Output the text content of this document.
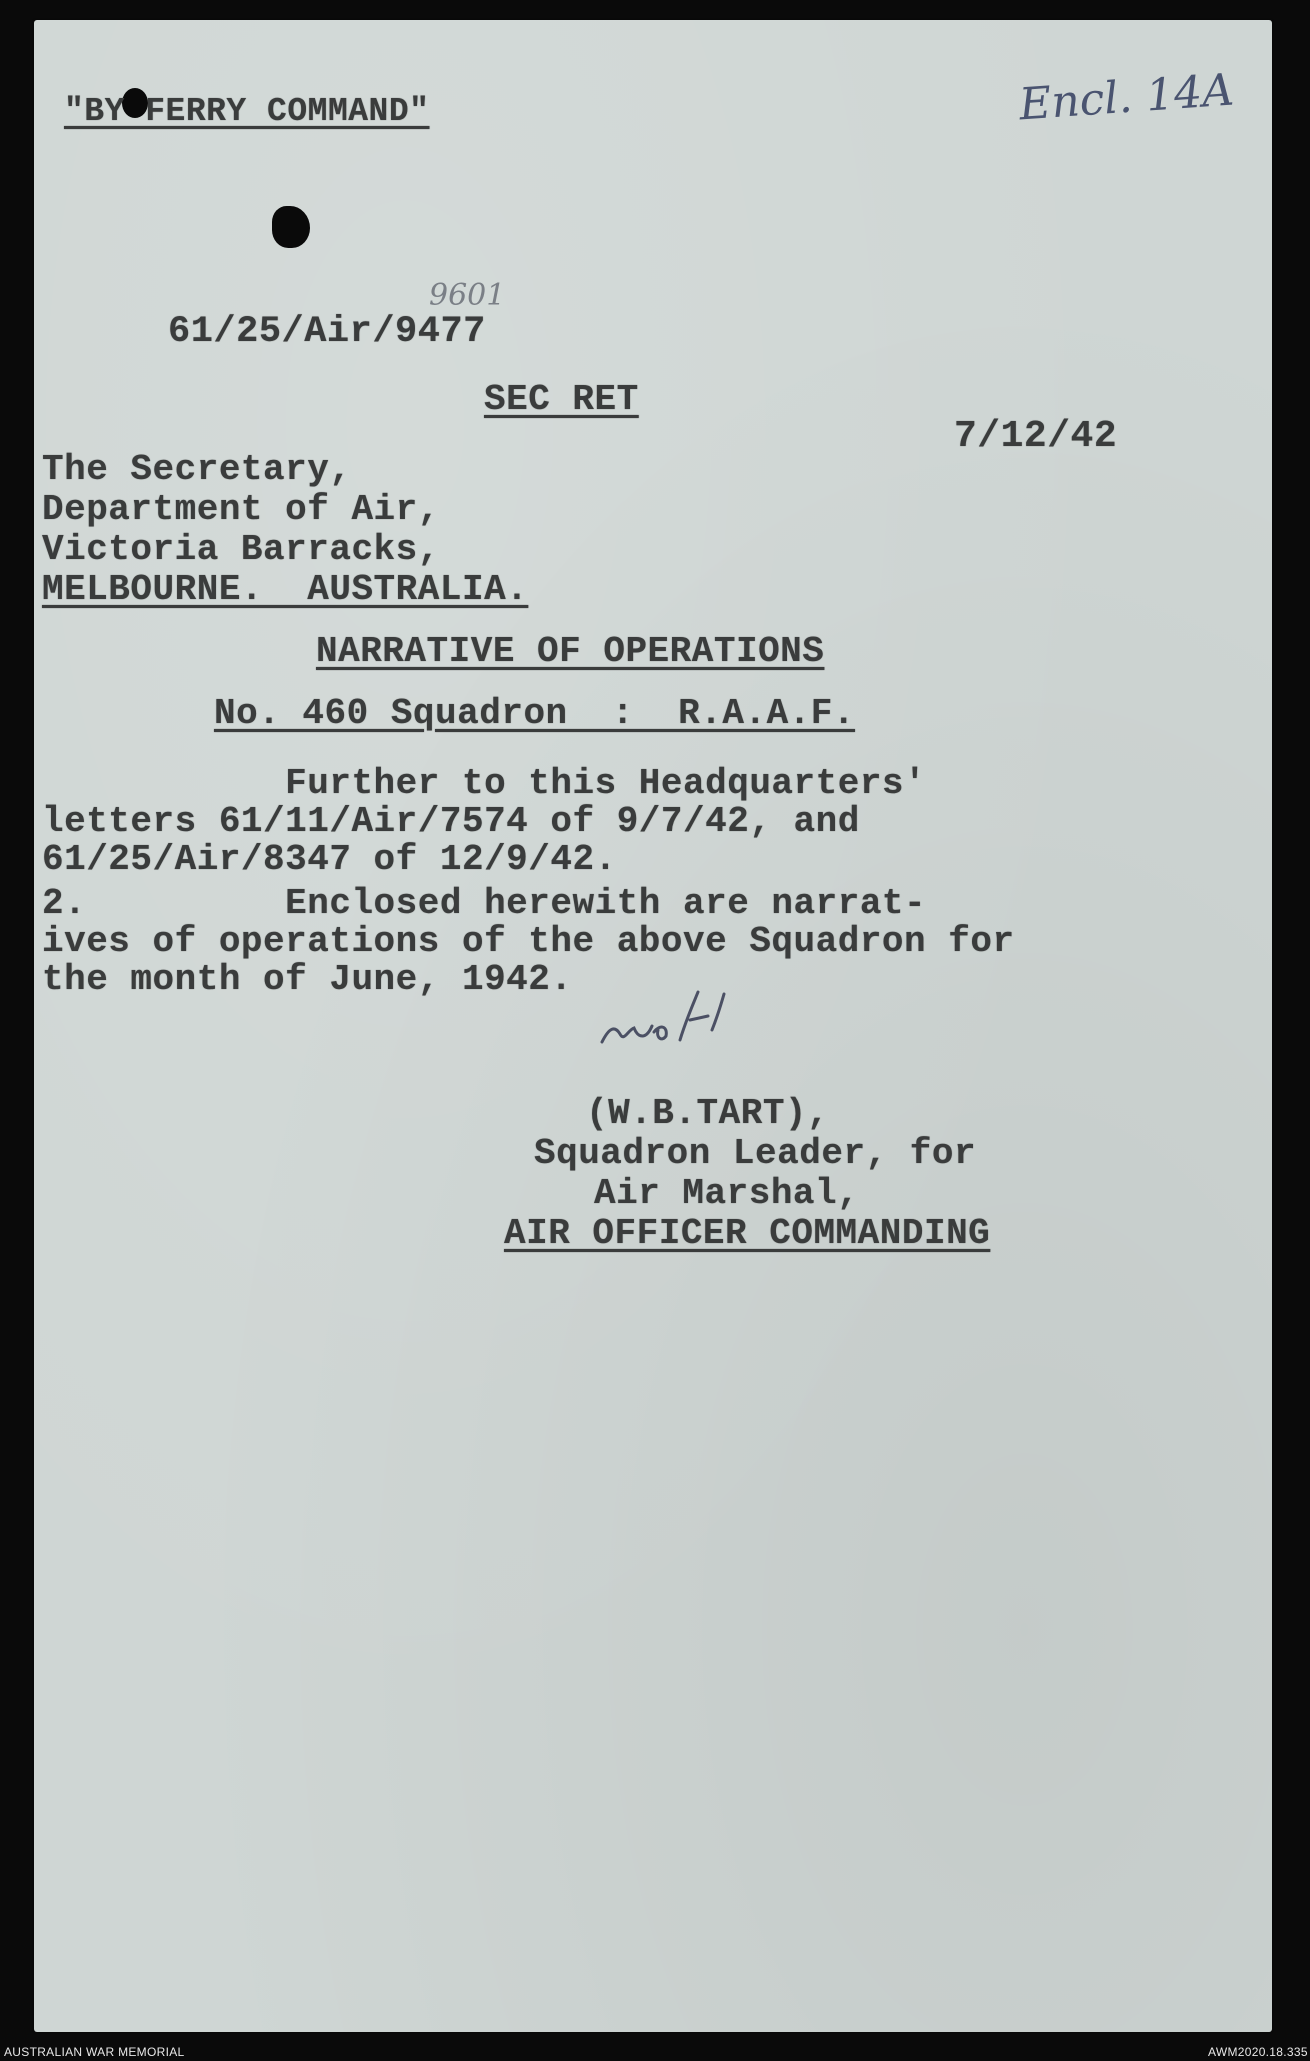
"BY FERRY COMMAND"	Encl. 14A
9601
61/25/Air/9477
SEC RET
7/12/42
The Secretary,
Department of Air,
Victoria Barracks,
MELBOURNE.  AUSTRALIA.
NARRATIVE OF OPERATIONS
No. 460 Squadron  :  R.A.A.F.
Further to this Headquarters'
letters 61/11/Air/7574 of 9/7/42, and
61/25/Air/8347 of 12/9/42.
2.         Enclosed herewith are narrat-
ives of operations of the above Squadron for
the month of June, 1942.
(W.B.TART),
Squadron Leader, for
Air Marshal,
AIR OFFICER COMMANDING
AUSTRALIAN WAR MEMORIAL	AWM2020.18.335
